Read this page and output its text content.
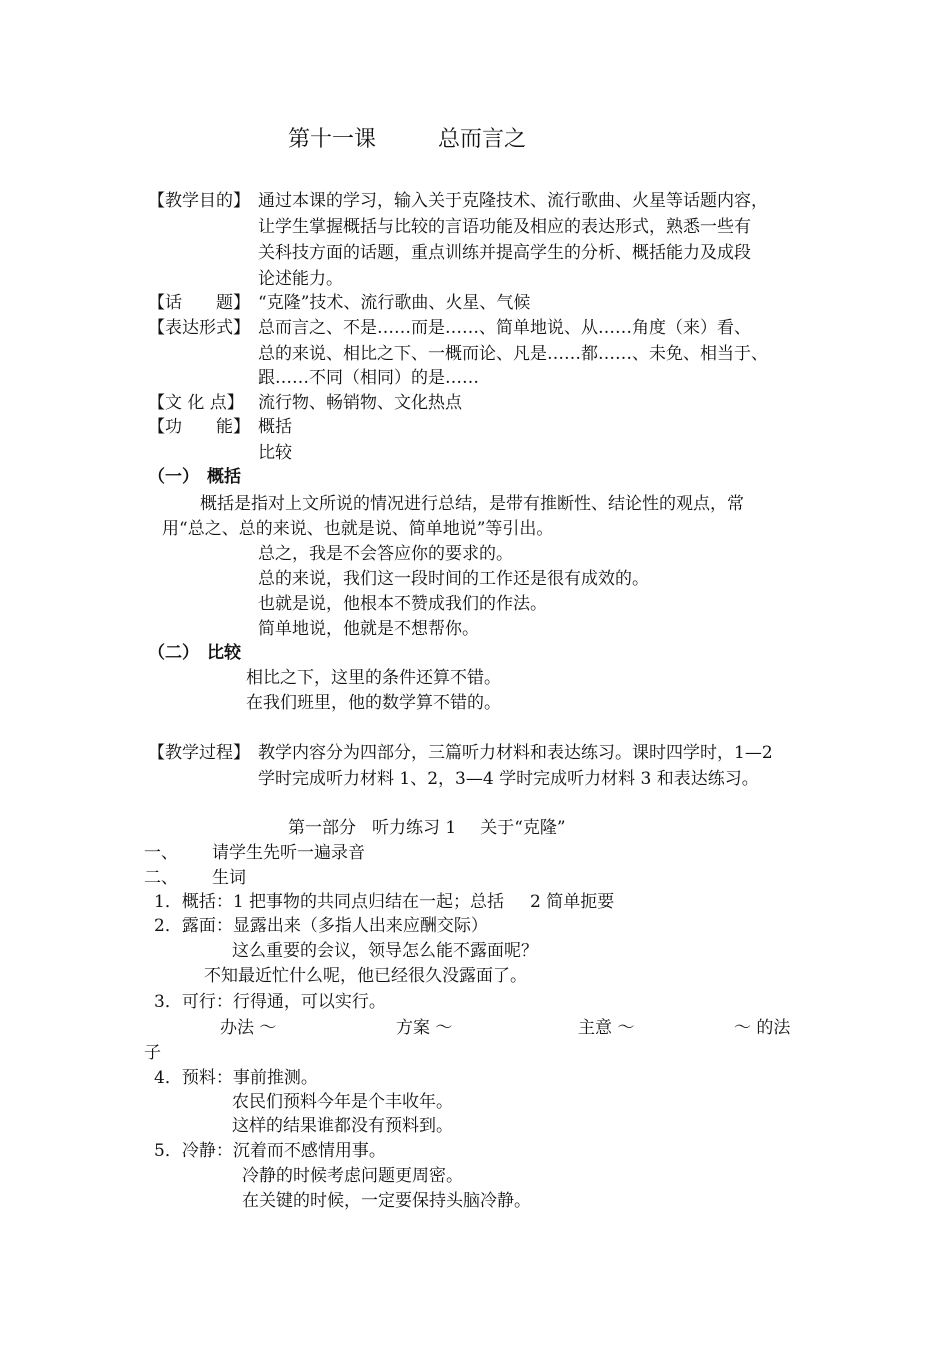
第十一课	总而言之
【教学目的】 通过本课的学习，输入关于克隆技术、流行歌曲、火星等话题内容，
让学生掌握概括与比较的言语功能及相应的表达形式，熟悉一些有
关科技方面的话题，重点训练并提高学生的分析、概括能力及成段
论述能力。
【话　　题】 “克隆”技术、流行歌曲、火星、气候
【表达形式】 总而言之、不是……而是……、简单地说、从……角度（来）看、
总的来说、相比之下、一概而论、凡是……都……、未免、相当于、
跟……不同（相同）的是……
【文 化 点】 流行物、畅销物、文化热点
【功　　能】 概括
比较
（一） 概括
概括是指对上文所说的情况进行总结，是带有推断性、结论性的观点，常
用“总之、总的来说、也就是说、简单地说”等引出。
总之，我是不会答应你的要求的。
总的来说，我们这一段时间的工作还是很有成效的。
也就是说，他根本不赞成我们的作法。
简单地说，他就是不想帮你。
（二） 比较
相比之下，这里的条件还算不错。
在我们班里，他的数学算不错的。
【教学过程】 教学内容分为四部分，三篇听力材料和表达练习。课时四学时，1—2
学时完成听力材料 1、2，3—4 学时完成听力材料 3 和表达练习。
第一部分 听力练习 1 关于“克隆”
一、 请学生先听一遍录音
二、 生词
1．概括：1 把事物的共同点归结在一起；总括 2 简单扼要
2．露面：显露出来（多指人出来应酬交际）
这么重要的会议，领导怎么能不露面呢？
不知最近忙什么呢，他已经很久没露面了。
3．可行：行得通，可以实行。
办法 ～	方案 ～	主意 ～	～ 的法
子
4．预料：事前推测。
农民们预料今年是个丰收年。
这样的结果谁都没有预料到。
5．冷静：沉着而不感情用事。
冷静的时候考虑问题更周密。
在关键的时候，一定要保持头脑冷静。
